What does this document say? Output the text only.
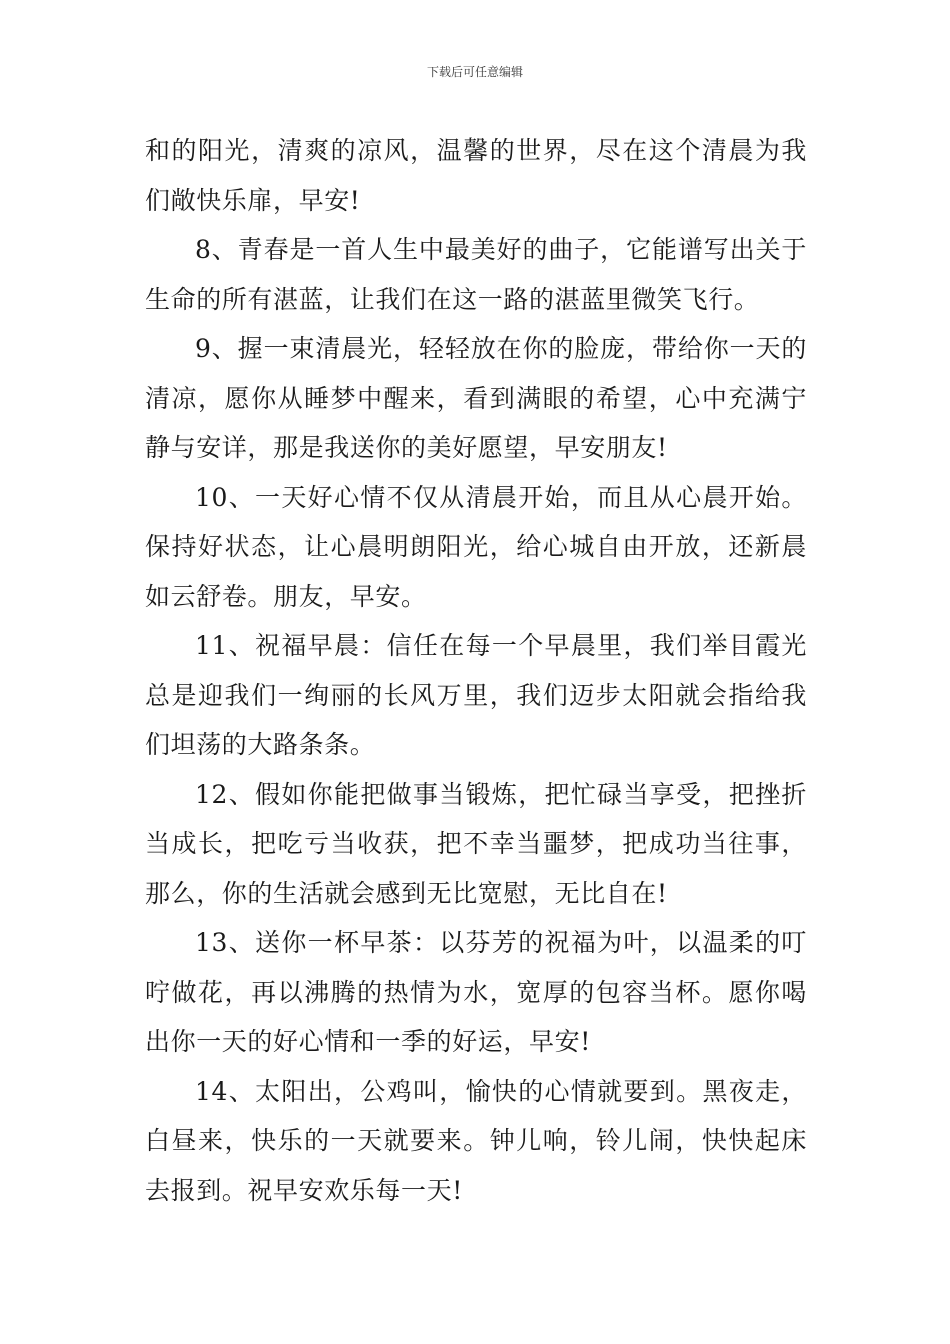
下载后可任意编辑

和的阳光，清爽的凉风，温馨的世界，尽在这个清晨为我们敞快乐扉，早安!

8、青春是一首人生中最美好的曲子，它能谱写出关于生命的所有湛蓝，让我们在这一路的湛蓝里微笑飞行。

9、握一束清晨光，轻轻放在你的脸庞，带给你一天的清凉，愿你从睡梦中醒来，看到满眼的希望，心中充满宁静与安详，那是我送你的美好愿望，早安朋友!

10、一天好心情不仅从清晨开始，而且从心晨开始。保持好状态，让心晨明朗阳光，给心城自由开放，还新晨如云舒卷。朋友，早安。

11、祝福早晨：信任在每一个早晨里，我们举目霞光总是迎我们一绚丽的长风万里，我们迈步太阳就会指给我们坦荡的大路条条。

12、假如你能把做事当锻炼，把忙碌当享受，把挫折当成长，把吃亏当收获，把不幸当噩梦，把成功当往事，那么，你的生活就会感到无比宽慰，无比自在!

13、送你一杯早茶：以芬芳的祝福为叶，以温柔的叮咛做花，再以沸腾的热情为水，宽厚的包容当杯。愿你喝出你一天的好心情和一季的好运，早安!

14、太阳出，公鸡叫，愉快的心情就要到。黑夜走，白昼来，快乐的一天就要来。钟儿响，铃儿闹，快快起床去报到。祝早安欢乐每一天!
